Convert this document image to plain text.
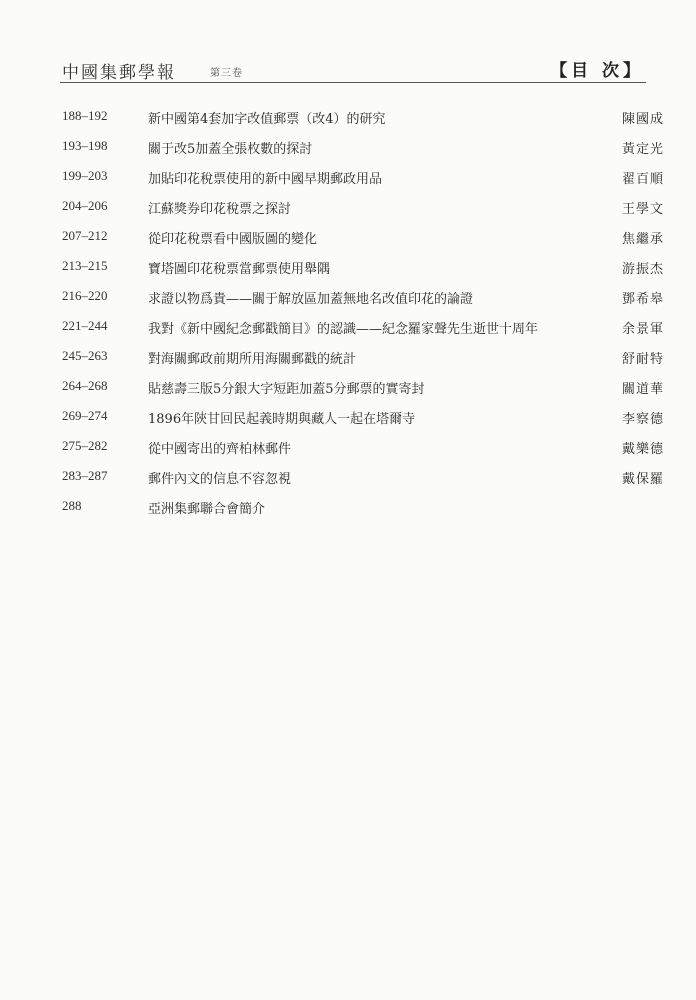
中國集郵學報	第三卷	【目 次】
188–192	新中國第4套加字改值郵票（改4）的研究	陳國成
193–198	關于改5加蓋全張枚數的探討	黃定光
199–203	加貼印花稅票使用的新中國早期郵政用品	翟百順
204–206	江蘇獎券印花稅票之探討	王學文
207–212	從印花稅票看中國版圖的變化	焦繼承
213–215	寶塔圖印花稅票當郵票使用舉隅	游振杰
216–220	求證以物爲貴——關于解放區加蓋無地名改值印花的論證	鄧希皋
221–244	我對《新中國紀念郵戳簡目》的認識——紀念羅家聲先生逝世十周年	余景軍
245–263	對海關郵政前期所用海關郵戳的統計	舒耐特
264–268	貼慈壽三版5分銀大字短距加蓋5分郵票的實寄封	關道華
269–274	1896年陝甘回民起義時期與藏人一起在塔爾寺	李察德
275–282	從中國寄出的齊柏林郵件	戴樂德
283–287	郵件內文的信息不容忽視	戴保羅
288	亞洲集郵聯合會簡介
